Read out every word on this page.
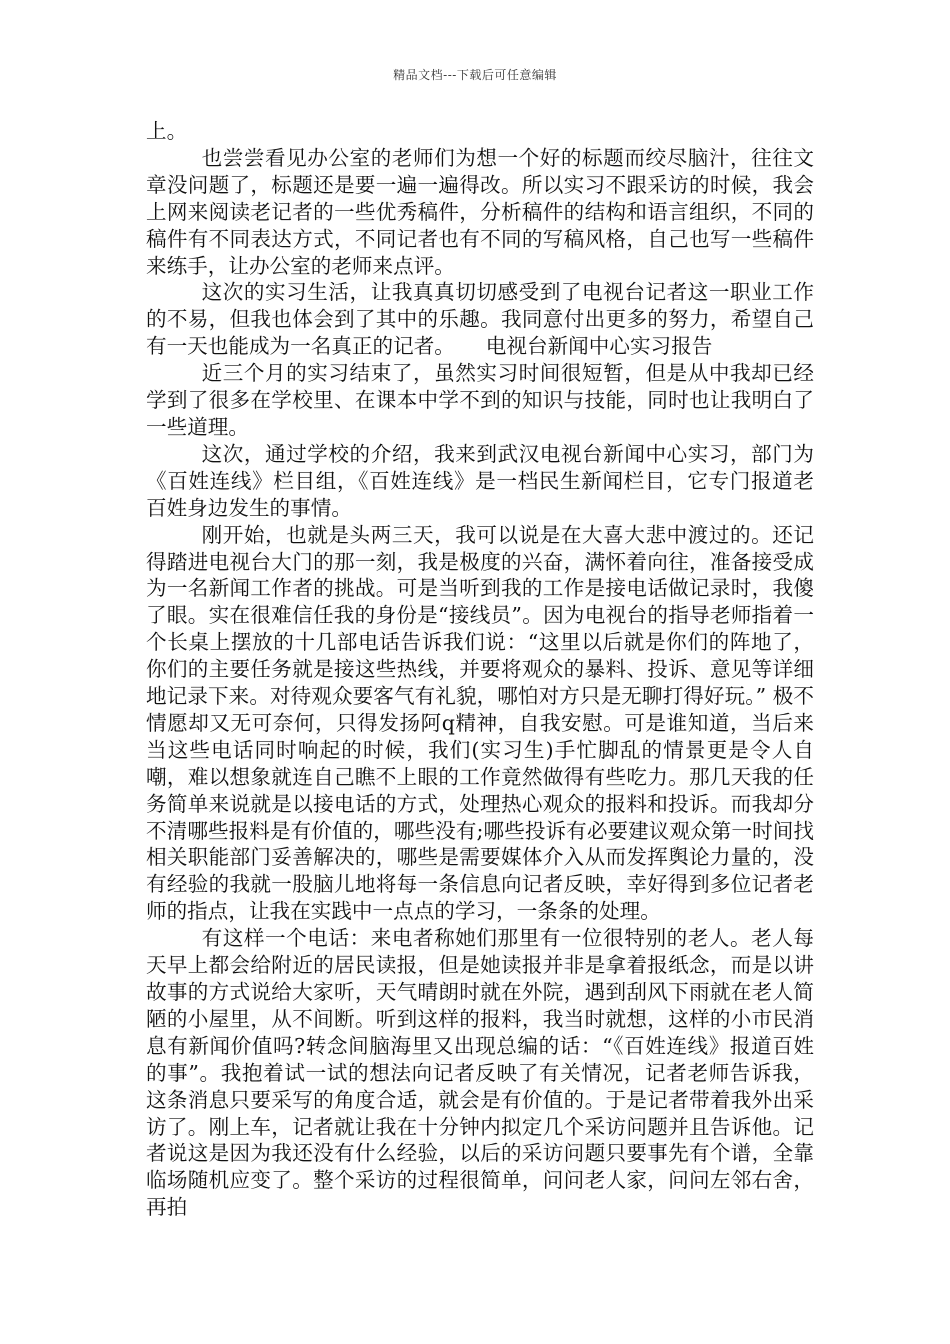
精品文档---下载后可任意编辑

上。

也尝尝看见办公室的老师们为想一个好的标题而绞尽脑汁，往往文章没问题了，标题还是要一遍一遍得改。所以实习不跟采访的时候，我会上网来阅读老记者的一些优秀稿件，分析稿件的结构和语言组织，不同的稿件有不同表达方式，不同记者也有不同的写稿风格，自己也写一些稿件来练手，让办公室的老师来点评。

这次的实习生活，让我真真切切感受到了电视台记者这一职业工作的不易，但我也体会到了其中的乐趣。我同意付出更多的努力，希望自己有一天也能成为一名真正的记者。　　电视台新闻中心实习报告

近三个月的实习结束了，虽然实习时间很短暂，但是从中我却已经学到了很多在学校里、在课本中学不到的知识与技能，同时也让我明白了一些道理。

这次，通过学校的介绍，我来到武汉电视台新闻中心实习，部门为《百姓连线》栏目组，《百姓连线》是一档民生新闻栏目，它专门报道老百姓身边发生的事情。

刚开始，也就是头两三天，我可以说是在大喜大悲中渡过的。还记得踏进电视台大门的那一刻，我是极度的兴奋，满怀着向往，准备接受成为一名新闻工作者的挑战。可是当听到我的工作是接电话做记录时，我傻了眼。实在很难信任我的身份是“接线员”。因为电视台的指导老师指着一个长桌上摆放的十几部电话告诉我们说：“这里以后就是你们的阵地了，你们的主要任务就是接这些热线，并要将观众的暴料、投诉、意见等详细地记录下来。对待观众要客气有礼貌，哪怕对方只是无聊打得好玩。” 极不情愿却又无可奈何，只得发扬阿q精神，自我安慰。可是谁知道，当后来当这些电话同时响起的时候，我们(实习生)手忙脚乱的情景更是令人自嘲，难以想象就连自己瞧不上眼的工作竟然做得有些吃力。那几天我的任务简单来说就是以接电话的方式，处理热心观众的报料和投诉。而我却分不清哪些报料是有价值的，哪些没有;哪些投诉有必要建议观众第一时间找相关职能部门妥善解决的，哪些是需要媒体介入从而发挥舆论力量的，没有经验的我就一股脑儿地将每一条信息向记者反映，幸好得到多位记者老师的指点，让我在实践中一点点的学习，一条条的处理。

有这样一个电话：来电者称她们那里有一位很特别的老人。老人每天早上都会给附近的居民读报，但是她读报并非是拿着报纸念，而是以讲故事的方式说给大家听，天气晴朗时就在外院，遇到刮风下雨就在老人简陋的小屋里，从不间断。听到这样的报料，我当时就想，这样的小市民消息有新闻价值吗?转念间脑海里又出现总编的话：“《百姓连线》报道百姓的事”。我抱着试一试的想法向记者反映了有关情况，记者老师告诉我，这条消息只要采写的角度合适，就会是有价值的。于是记者带着我外出采访了。刚上车，记者就让我在十分钟内拟定几个采访问题并且告诉他。记者说这是因为我还没有什么经验，以后的采访问题只要事先有个谱，全靠临场随机应变了。整个采访的过程很简单，问问老人家，问问左邻右舍，再拍
